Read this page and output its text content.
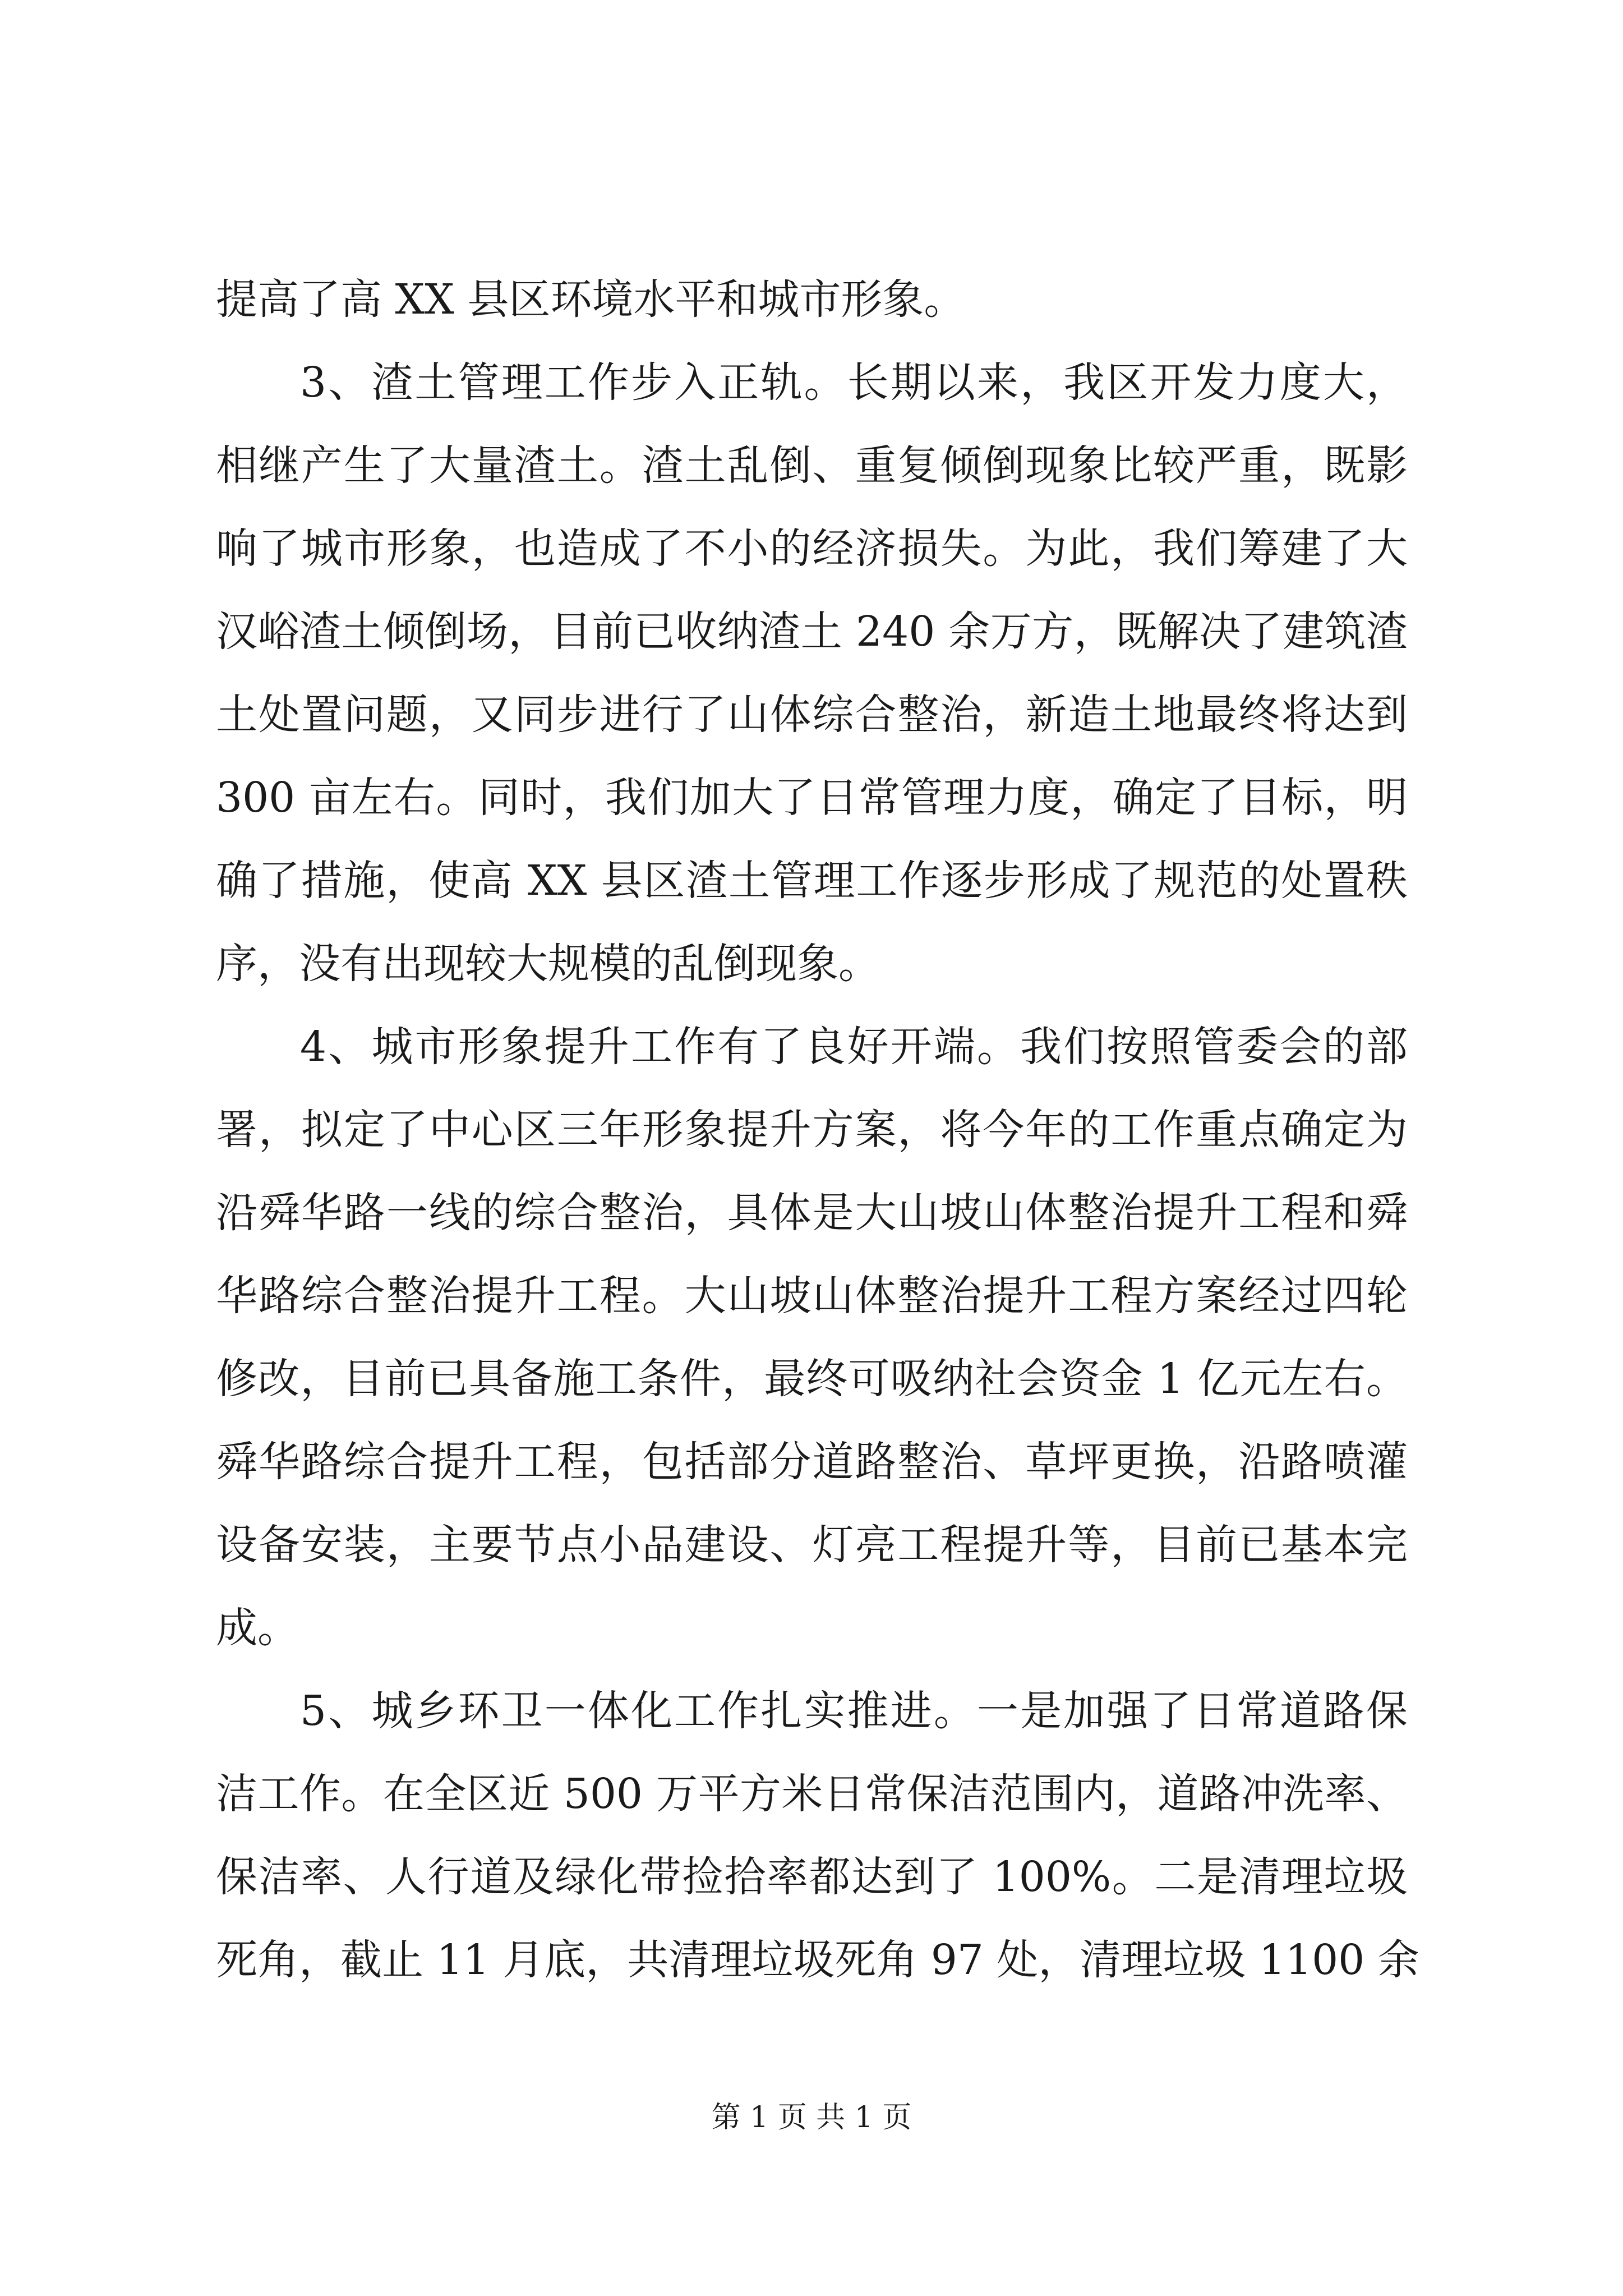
提高了高 XX 县区环境水平和城市形象。
3、渣土管理工作步入正轨。长期以来，我区开发力度大，
相继产生了大量渣土。渣土乱倒、重复倾倒现象比较严重，既影
响了城市形象，也造成了不小的经济损失。为此，我们筹建了大
汉峪渣土倾倒场，目前已收纳渣土 240 余万方，既解决了建筑渣
土处置问题，又同步进行了山体综合整治，新造土地最终将达到
300 亩左右。同时，我们加大了日常管理力度，确定了目标，明
确了措施，使高 XX 县区渣土管理工作逐步形成了规范的处置秩
序，没有出现较大规模的乱倒现象。
4、城市形象提升工作有了良好开端。我们按照管委会的部
署，拟定了中心区三年形象提升方案，将今年的工作重点确定为
沿舜华路一线的综合整治，具体是大山坡山体整治提升工程和舜
华路综合整治提升工程。大山坡山体整治提升工程方案经过四轮
修改，目前已具备施工条件，最终可吸纳社会资金 1 亿元左右。
舜华路综合提升工程，包括部分道路整治、草坪更换，沿路喷灌
设备安装，主要节点小品建设、灯亮工程提升等，目前已基本完
成。
5、城乡环卫一体化工作扎实推进。一是加强了日常道路保
洁工作。在全区近 500 万平方米日常保洁范围内，道路冲洗率、
保洁率、人行道及绿化带捡拾率都达到了 100%。二是清理垃圾
死角，截止 11 月底，共清理垃圾死角 97 处，清理垃圾 1100 余
第 1 页 共 1 页
